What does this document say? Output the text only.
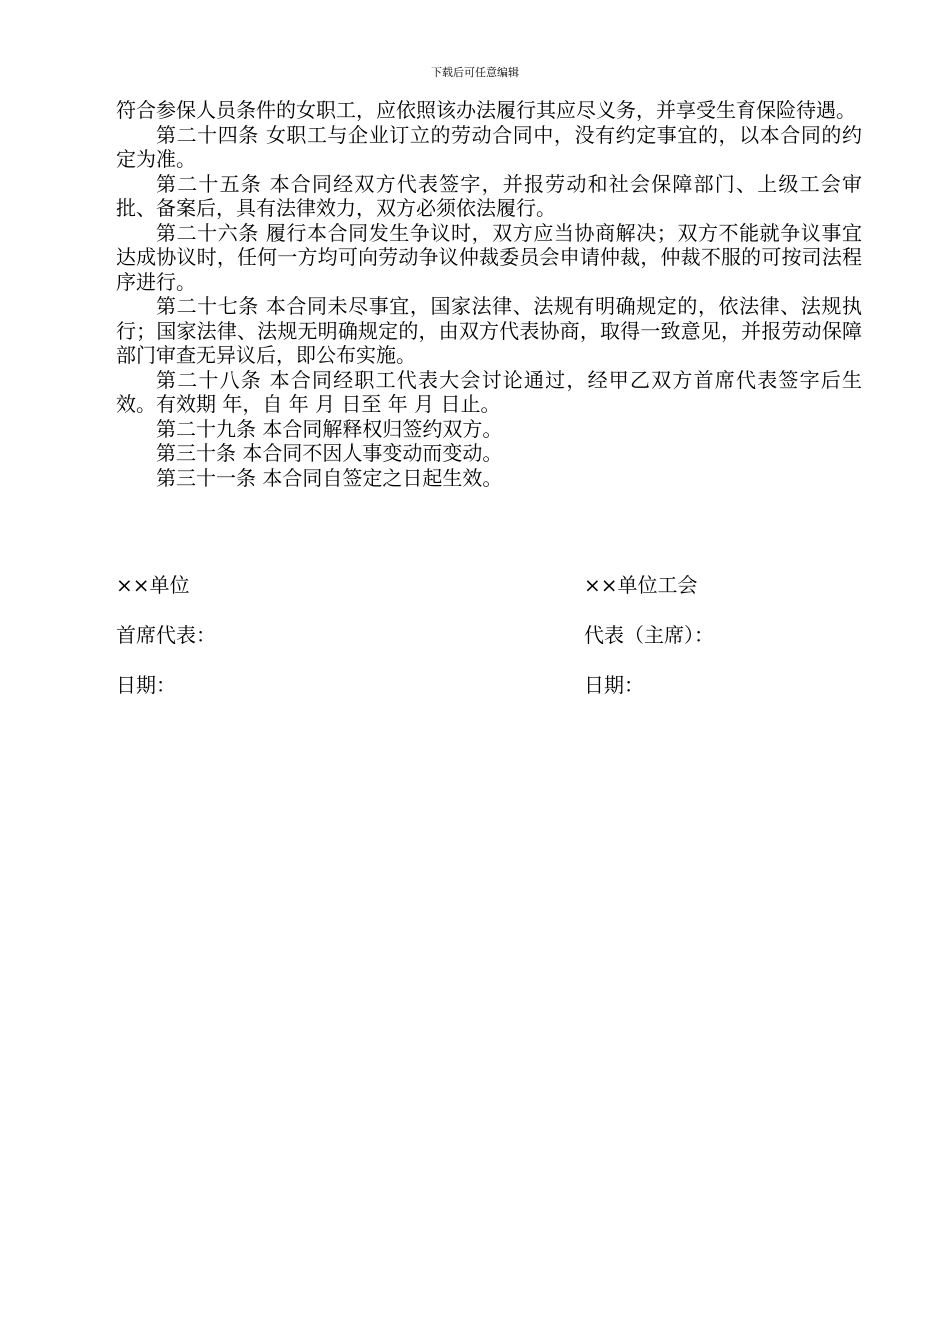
下载后可任意编辑

符合参保人员条件的女职工，应依照该办法履行其应尽义务，并享受生育保险待遇。

第二十四条 女职工与企业订立的劳动合同中，没有约定事宜的，以本合同的约定为准。

第二十五条 本合同经双方代表签字，并报劳动和社会保障部门、上级工会审批、备案后，具有法律效力，双方必须依法履行。

第二十六条 履行本合同发生争议时，双方应当协商解决；双方不能就争议事宜达成协议时，任何一方均可向劳动争议仲裁委员会申请仲裁，仲裁不服的可按司法程序进行。

第二十七条 本合同未尽事宜，国家法律、法规有明确规定的，依法律、法规执行；国家法律、法规无明确规定的，由双方代表协商，取得一致意见，并报劳动保障部门审查无异议后，即公布实施。

第二十八条 本合同经职工代表大会讨论通过，经甲乙双方首席代表签字后生效。有效期 年，自 年 月 日至 年 月 日止。

第二十九条 本合同解释权归签约双方。

第三十条 本合同不因人事变动而变动。

第三十一条 本合同自签定之日起生效。

××单位	××单位工会
首席代表：	代表（主席）：
日期：	日期：
